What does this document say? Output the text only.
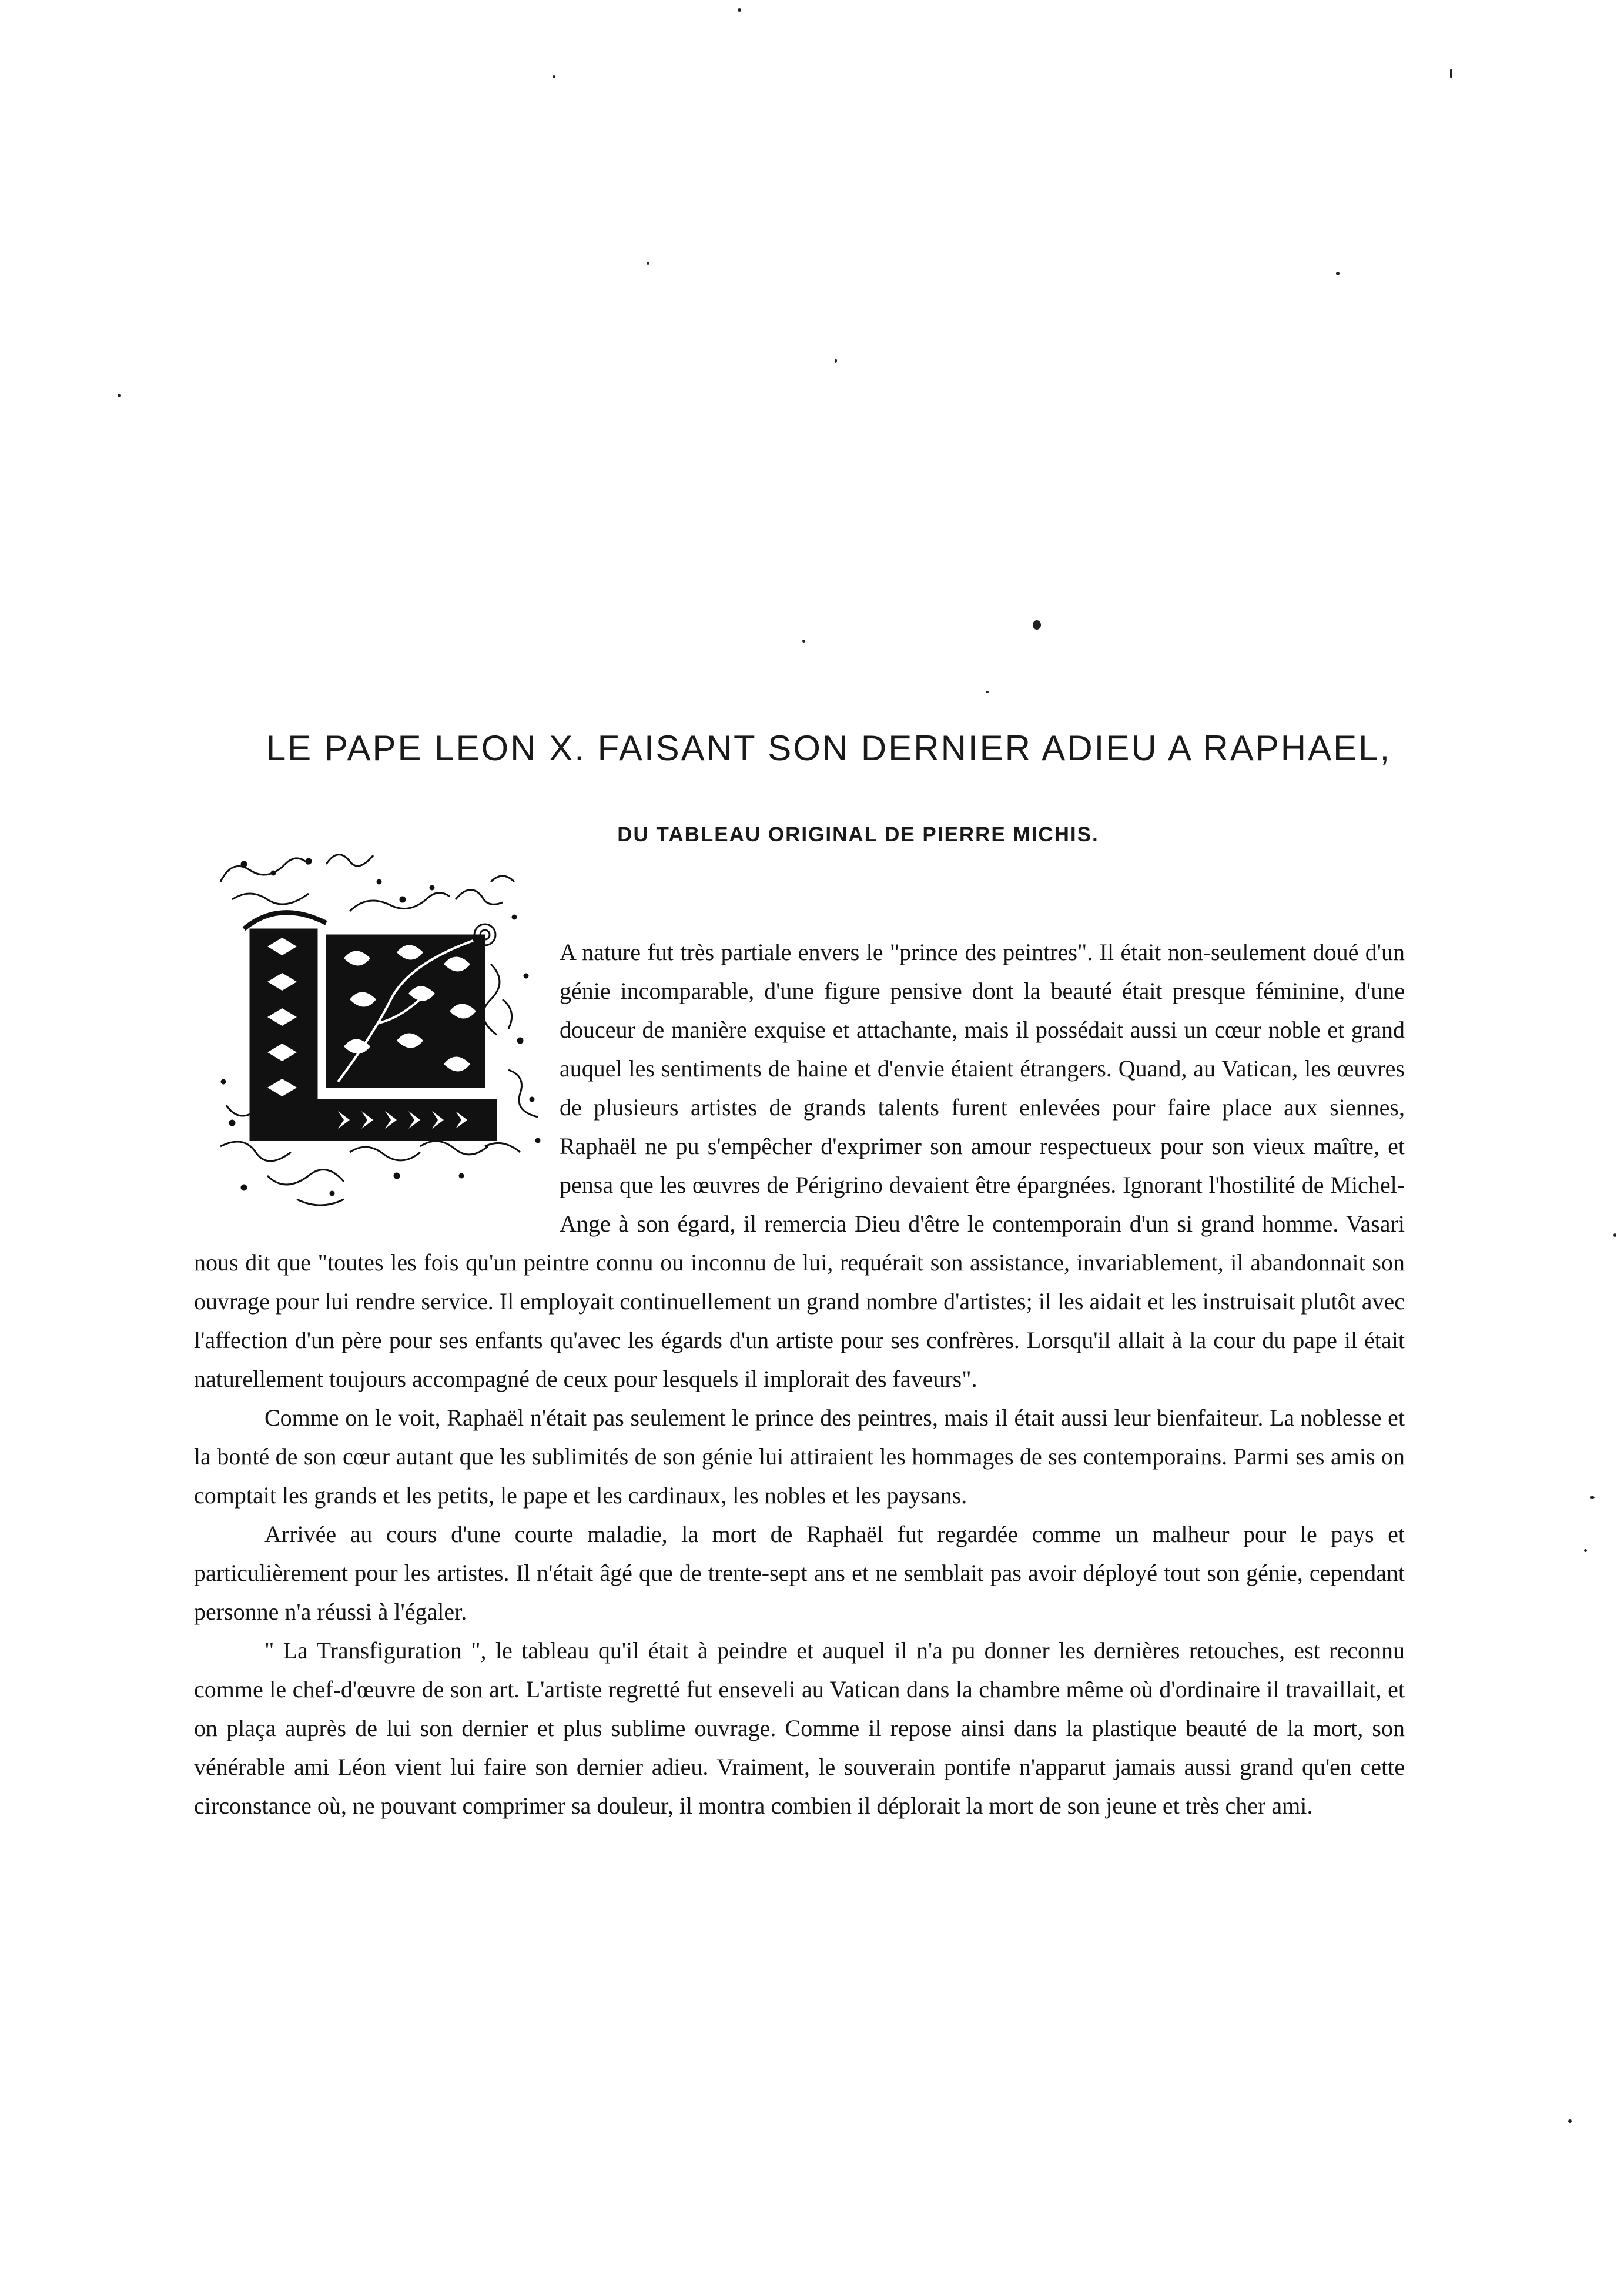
LE PAPE LEON X. FAISANT SON DERNIER ADIEU A RAPHAEL,
DU TABLEAU ORIGINAL DE PIERRE MICHIS.

A nature fut très partiale envers le "prince des peintres". Il était non-seulement doué d'un génie incomparable, d'une figure pensive dont la beauté était presque féminine, d'une douceur de manière exquise et attachante, mais il possédait aussi un cœur noble et grand auquel les sentiments de haine et d'envie étaient étrangers. Quand, au Vatican, les œuvres de plusieurs artistes de grands talents furent enlevées pour faire place aux siennes, Raphaël ne pu s'empêcher d'exprimer son amour respectueux pour son vieux maître, et pensa que les œuvres de Périgrino devaient être épargnées. Ignorant l'hostilité de Michel-Ange à son égard, il remercia Dieu d'être le contemporain d'un si grand homme. Vasari nous dit que "toutes les fois qu'un peintre connu ou inconnu de lui, requérait son assistance, invariablement, il abandonnait son ouvrage pour lui rendre service. Il employait continuellement un grand nombre d'artistes; il les aidait et les instruisait plutôt avec l'affection d'un père pour ses enfants qu'avec les égards d'un artiste pour ses confrères. Lorsqu'il allait à la cour du pape il était naturellement toujours accompagné de ceux pour lesquels il implorait des faveurs".

Comme on le voit, Raphaël n'était pas seulement le prince des peintres, mais il était aussi leur bienfaiteur. La noblesse et la bonté de son cœur autant que les sublimités de son génie lui attiraient les hommages de ses contemporains. Parmi ses amis on comptait les grands et les petits, le pape et les cardinaux, les nobles et les paysans.

Arrivée au cours d'une courte maladie, la mort de Raphaël fut regardée comme un malheur pour le pays et particulièrement pour les artistes. Il n'était âgé que de trente-sept ans et ne semblait pas avoir déployé tout son génie, cependant personne n'a réussi à l'égaler.

" La Transfiguration ", le tableau qu'il était à peindre et auquel il n'a pu donner les dernières retouches, est reconnu comme le chef-d'œuvre de son art. L'artiste regretté fut enseveli au Vatican dans la chambre même où d'ordinaire il travaillait, et on plaça auprès de lui son dernier et plus sublime ouvrage. Comme il repose ainsi dans la plastique beauté de la mort, son vénérable ami Léon vient lui faire son dernier adieu. Vraiment, le souverain pontife n'apparut jamais aussi grand qu'en cette circonstance où, ne pouvant comprimer sa douleur, il montra combien il déplorait la mort de son jeune et très cher ami.
